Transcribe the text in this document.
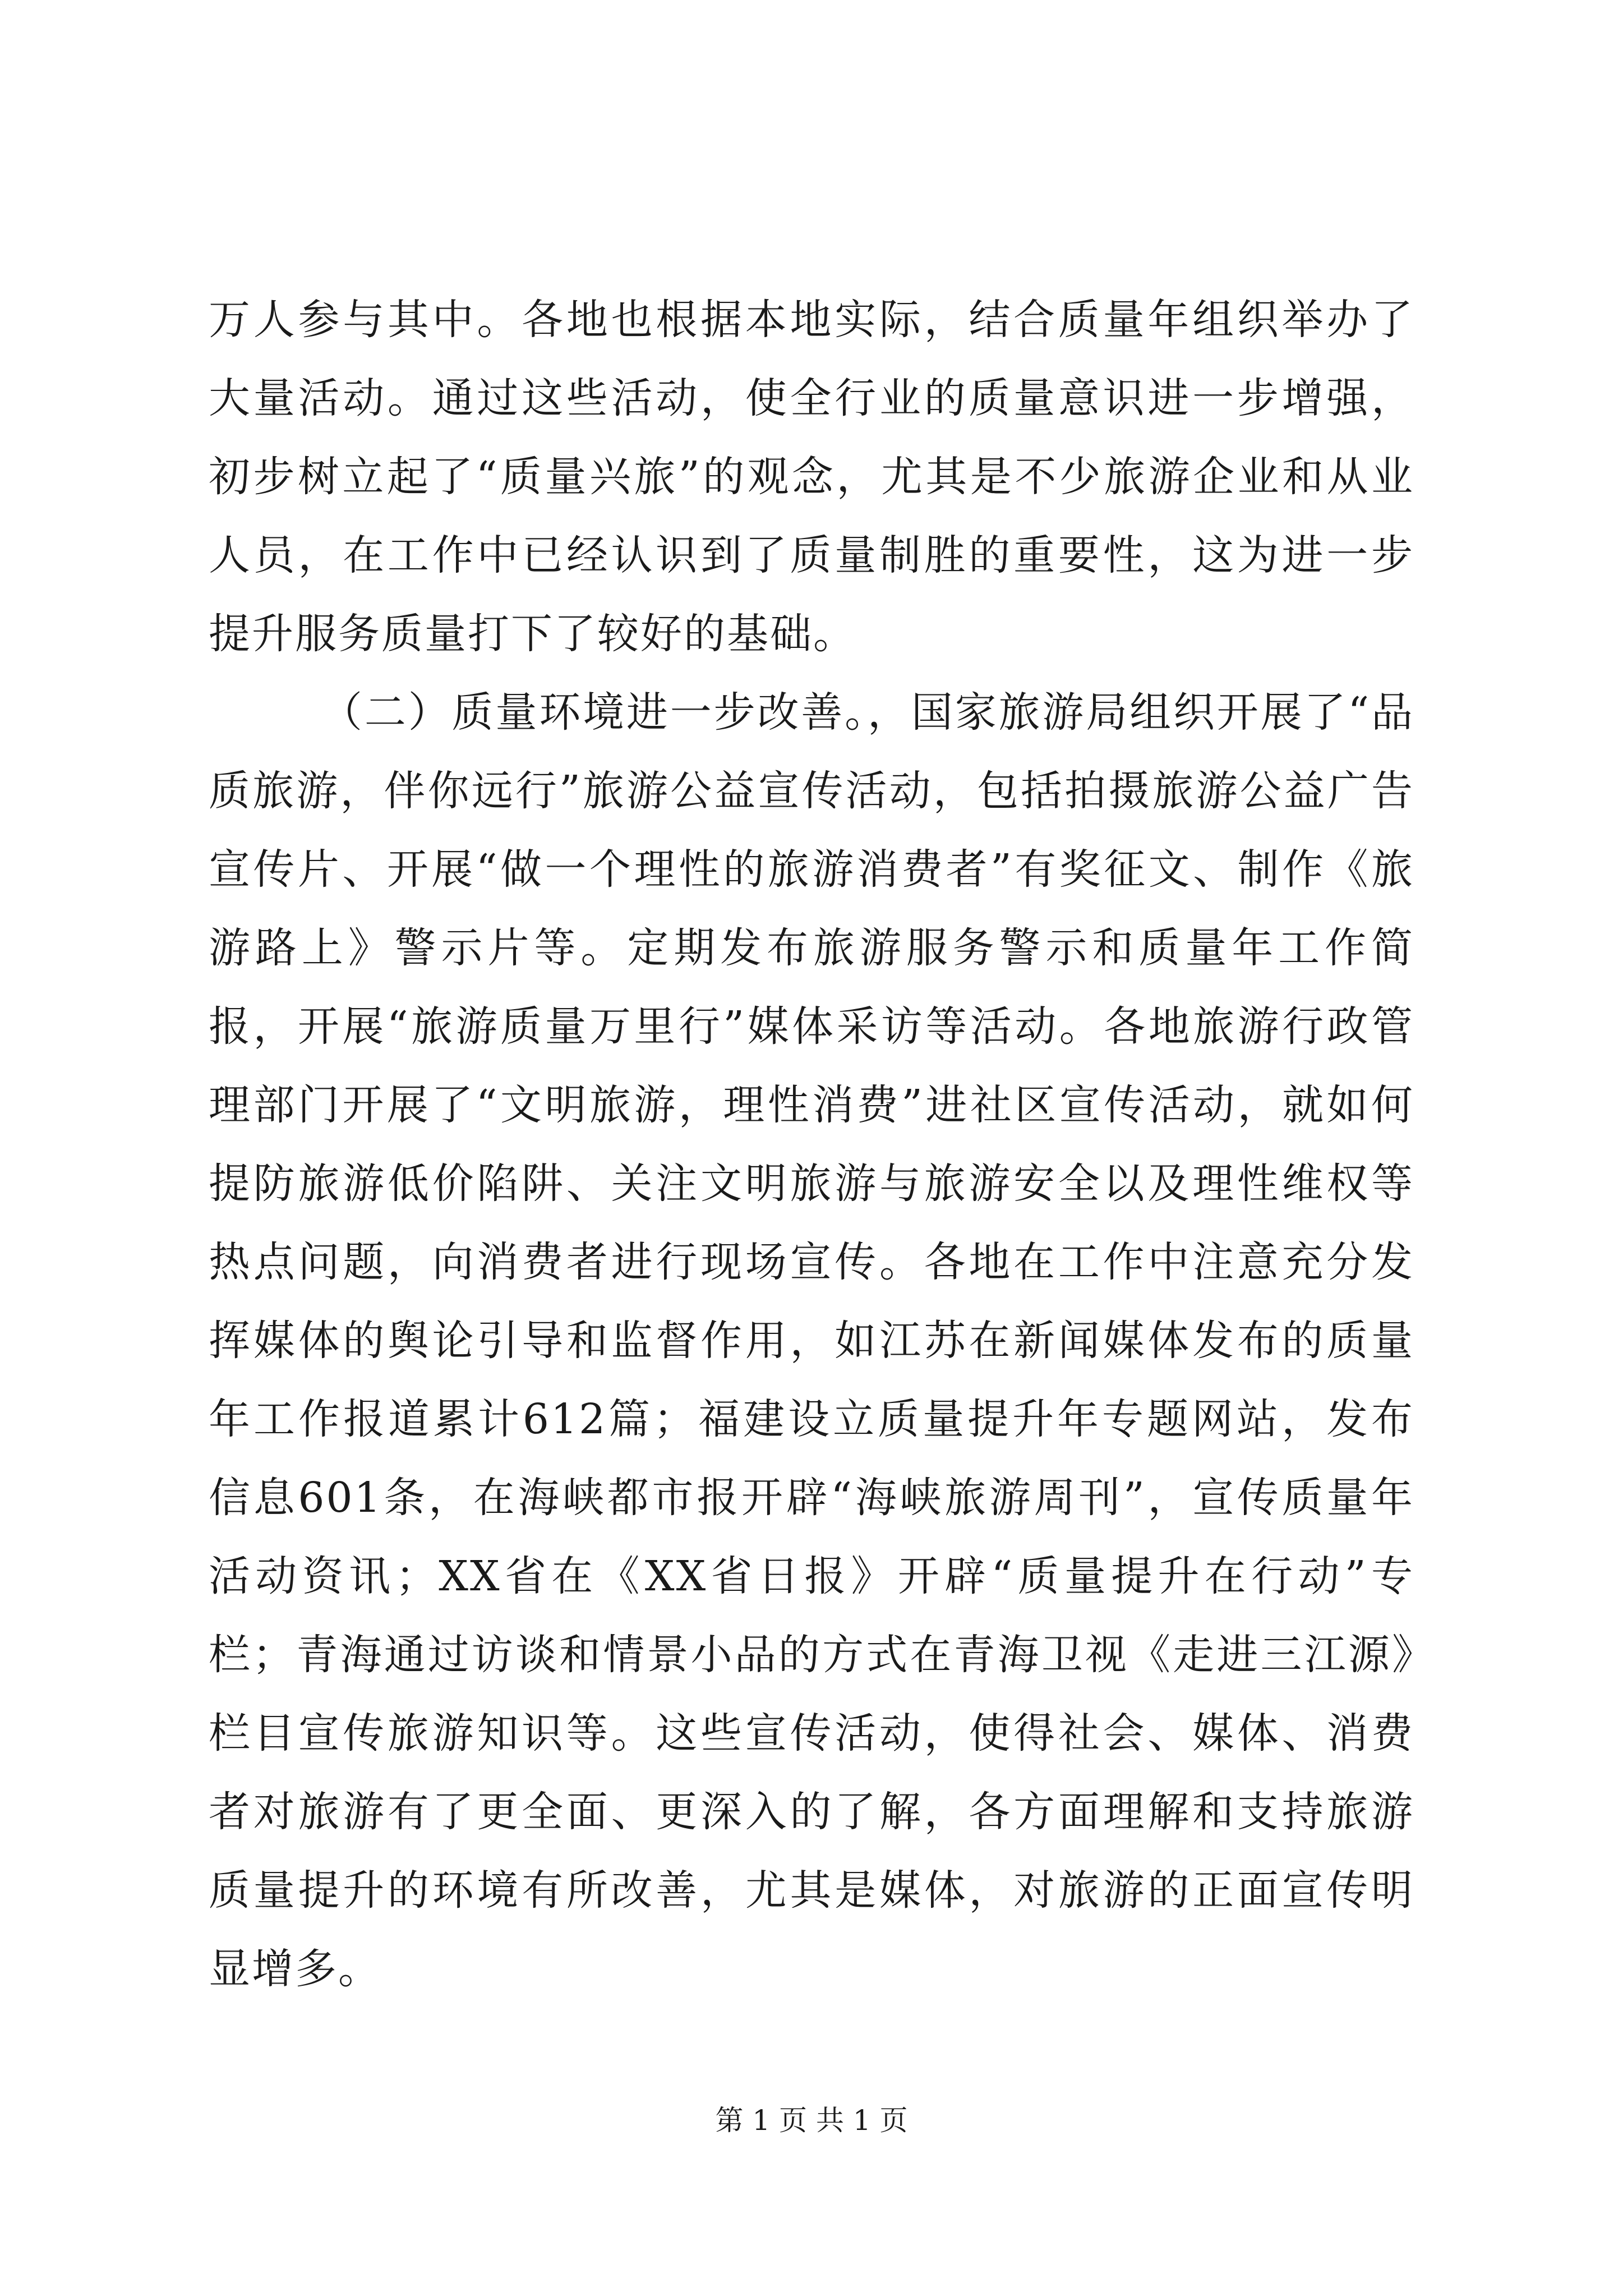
万人参与其中。各地也根据本地实际，结合质量年组织举办了大量活动。通过这些活动，使全行业的质量意识进一步增强，初步树立起了“质量兴旅”的观念，尤其是不少旅游企业和从业人员，在工作中已经认识到了质量制胜的重要性，这为进一步提升服务质量打下了较好的基础。

（二）质量环境进一步改善。，国家旅游局组织开展了“品质旅游，伴你远行”旅游公益宣传活动，包括拍摄旅游公益广告宣传片、开展“做一个理性的旅游消费者”有奖征文、制作《旅游路上》警示片等。定期发布旅游服务警示和质量年工作简报，开展“旅游质量万里行”媒体采访等活动。各地旅游行政管理部门开展了“文明旅游，理性消费”进社区宣传活动，就如何提防旅游低价陷阱、关注文明旅游与旅游安全以及理性维权等热点问题，向消费者进行现场宣传。各地在工作中注意充分发挥媒体的舆论引导和监督作用，如江苏在新闻媒体发布的质量年工作报道累计612篇；福建设立质量提升年专题网站，发布信息601条，在海峡都市报开辟“海峡旅游周刊”，宣传质量年活动资讯；XX省在《XX省日报》开辟“质量提升在行动”专栏；青海通过访谈和情景小品的方式在青海卫视《走进三江源》栏目宣传旅游知识等。这些宣传活动，使得社会、媒体、消费者对旅游有了更全面、更深入的了解，各方面理解和支持旅游质量提升的环境有所改善，尤其是媒体，对旅游的正面宣传明显增多。

第 1 页 共 1 页
